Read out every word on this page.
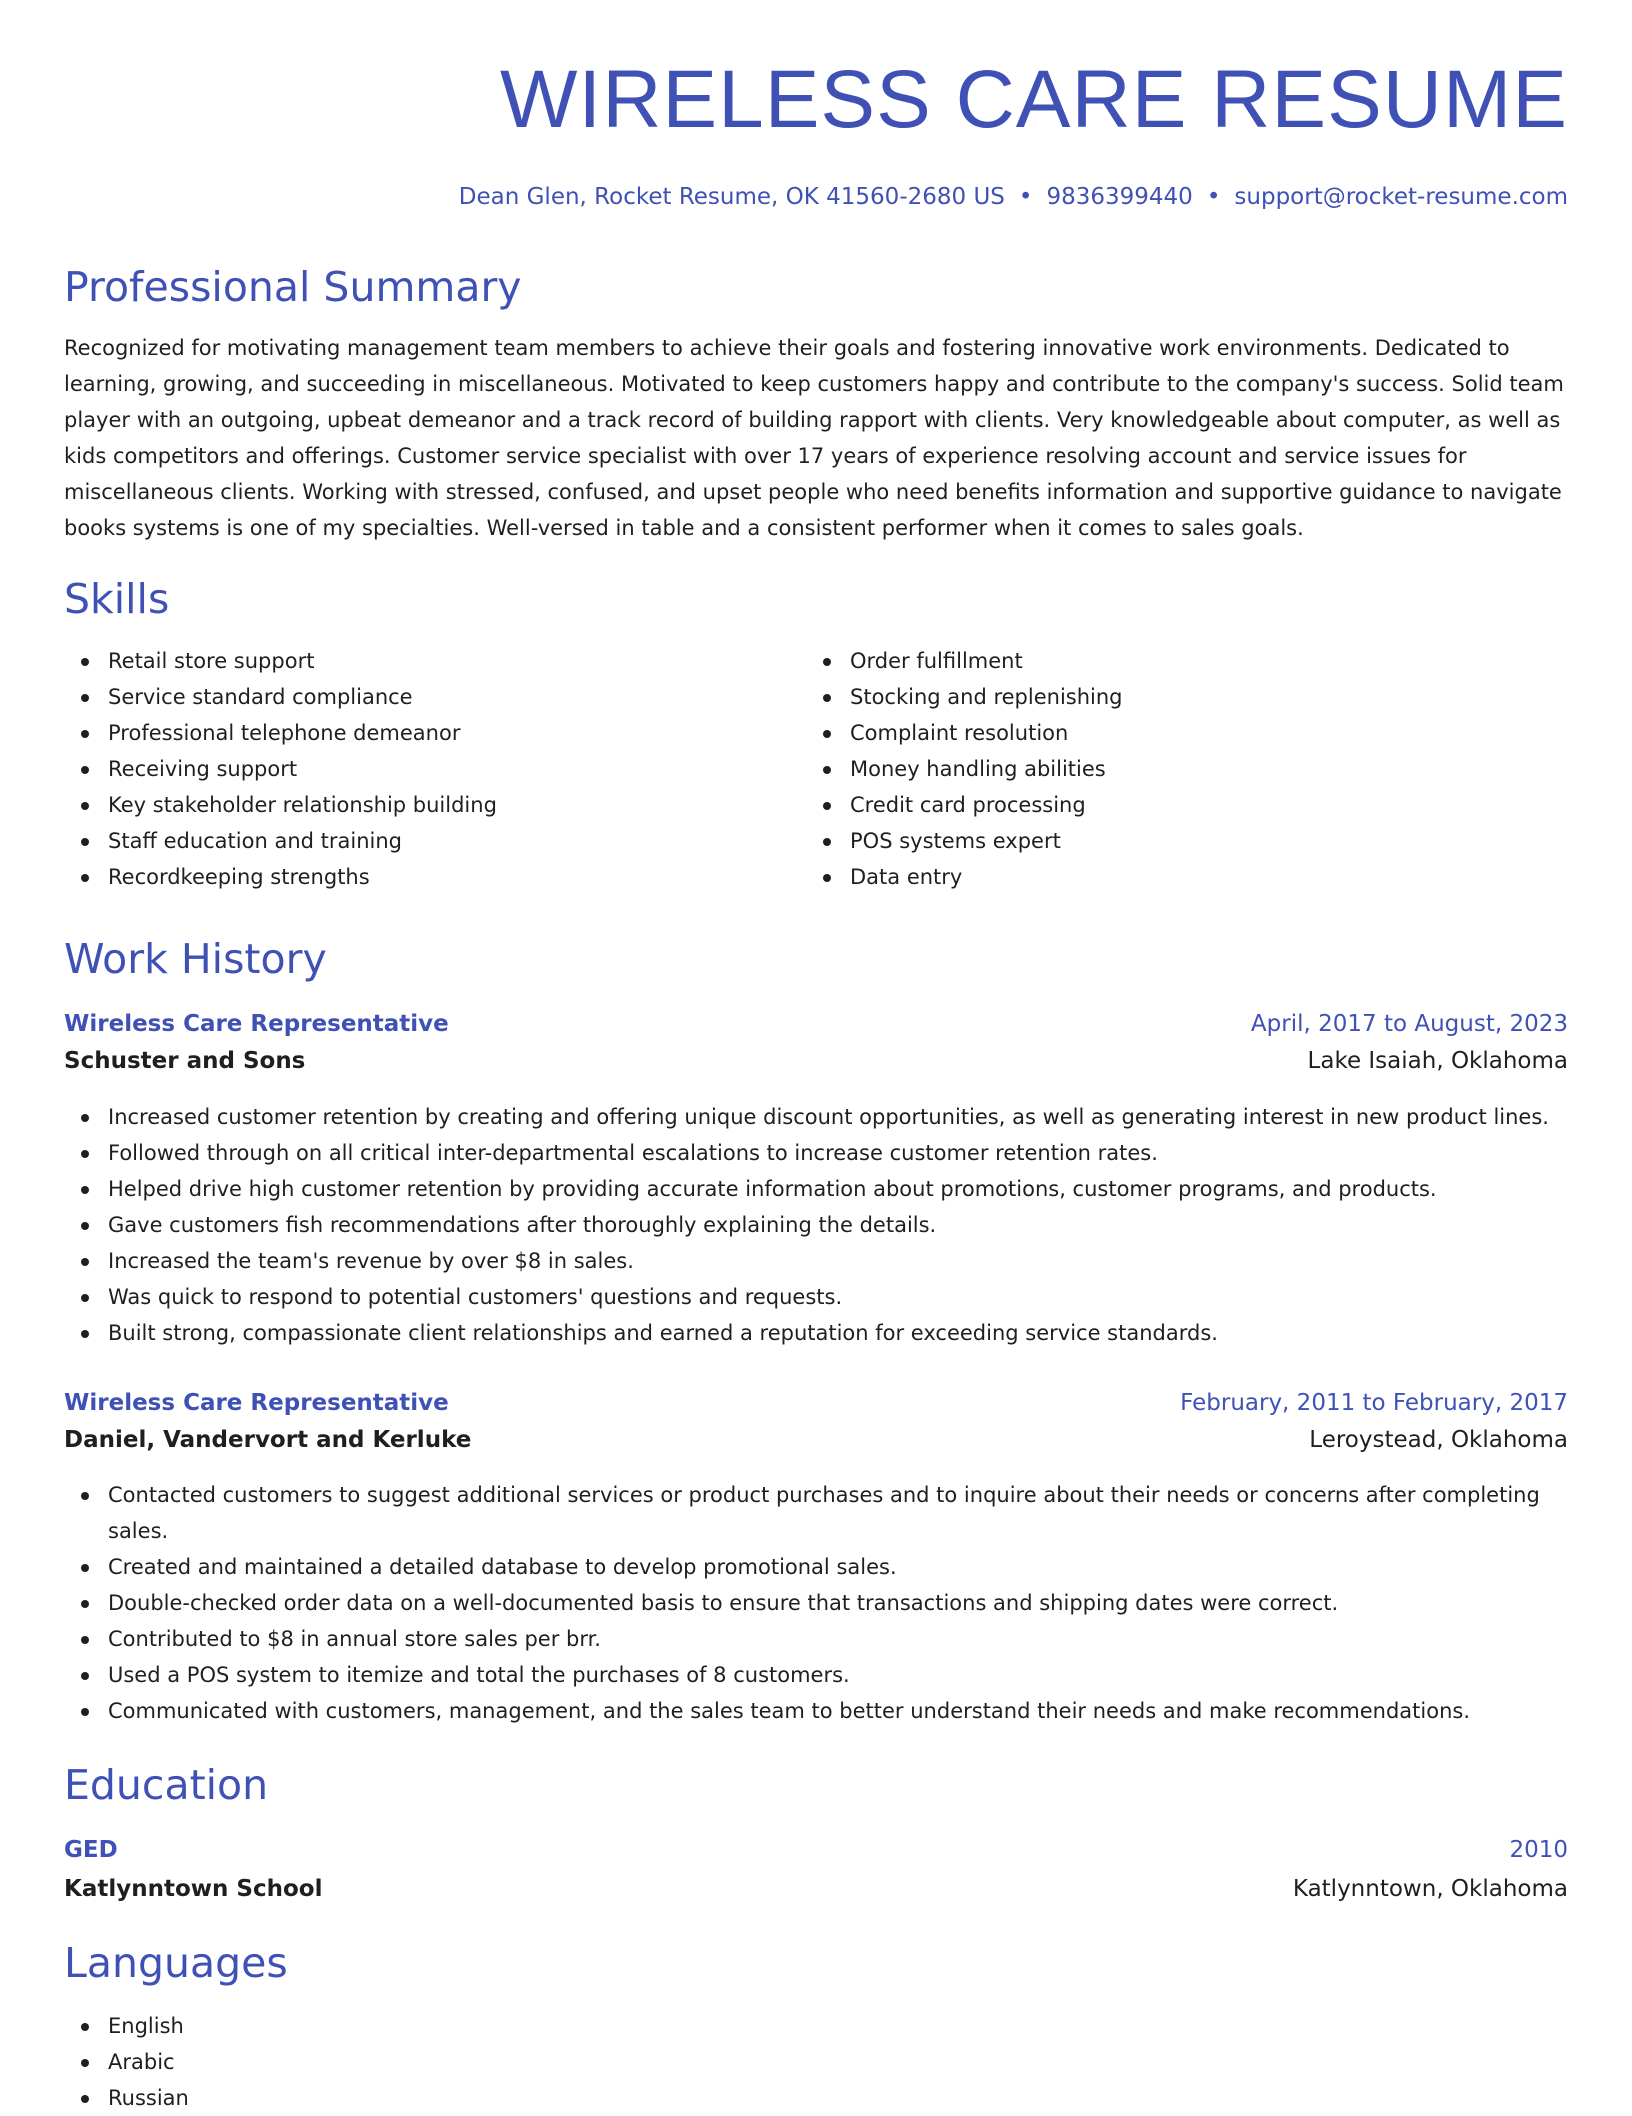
WIRELESS CARE RESUME
Dean Glen, Rocket Resume, OK 41560-2680 US • 9836399440 • support@rocket-resume.com
Professional Summary
Recognized for motivating management team members to achieve their goals and fostering innovative work environments. Dedicated to learning, growing, and succeeding in miscellaneous. Motivated to keep customers happy and contribute to the company's success. Solid team player with an outgoing, upbeat demeanor and a track record of building rapport with clients. Very knowledgeable about computer, as well as kids competitors and offerings. Customer service specialist with over 17 years of experience resolving account and service issues for miscellaneous clients. Working with stressed, confused, and upset people who need benefits information and supportive guidance to navigate books systems is one of my specialties. Well-versed in table and a consistent performer when it comes to sales goals.
Skills
Retail store support
Service standard compliance
Professional telephone demeanor
Receiving support
Key stakeholder relationship building
Staff education and training
Recordkeeping strengths
Order fulfillment
Stocking and replenishing
Complaint resolution
Money handling abilities
Credit card processing
POS systems expert
Data entry
Work History
Wireless Care Representative	April, 2017 to August, 2023
Schuster and Sons	Lake Isaiah, Oklahoma
Increased customer retention by creating and offering unique discount opportunities, as well as generating interest in new product lines.
Followed through on all critical inter-departmental escalations to increase customer retention rates.
Helped drive high customer retention by providing accurate information about promotions, customer programs, and products.
Gave customers fish recommendations after thoroughly explaining the details.
Increased the team's revenue by over $8 in sales.
Was quick to respond to potential customers' questions and requests.
Built strong, compassionate client relationships and earned a reputation for exceeding service standards.
Wireless Care Representative	February, 2011 to February, 2017
Daniel, Vandervort and Kerluke	Leroystead, Oklahoma
Contacted customers to suggest additional services or product purchases and to inquire about their needs or concerns after completing sales.
Created and maintained a detailed database to develop promotional sales.
Double-checked order data on a well-documented basis to ensure that transactions and shipping dates were correct.
Contributed to $8 in annual store sales per brr.
Used a POS system to itemize and total the purchases of 8 customers.
Communicated with customers, management, and the sales team to better understand their needs and make recommendations.
Education
GED	2010
Katlynntown School	Katlynntown, Oklahoma
Languages
English
Arabic
Russian
